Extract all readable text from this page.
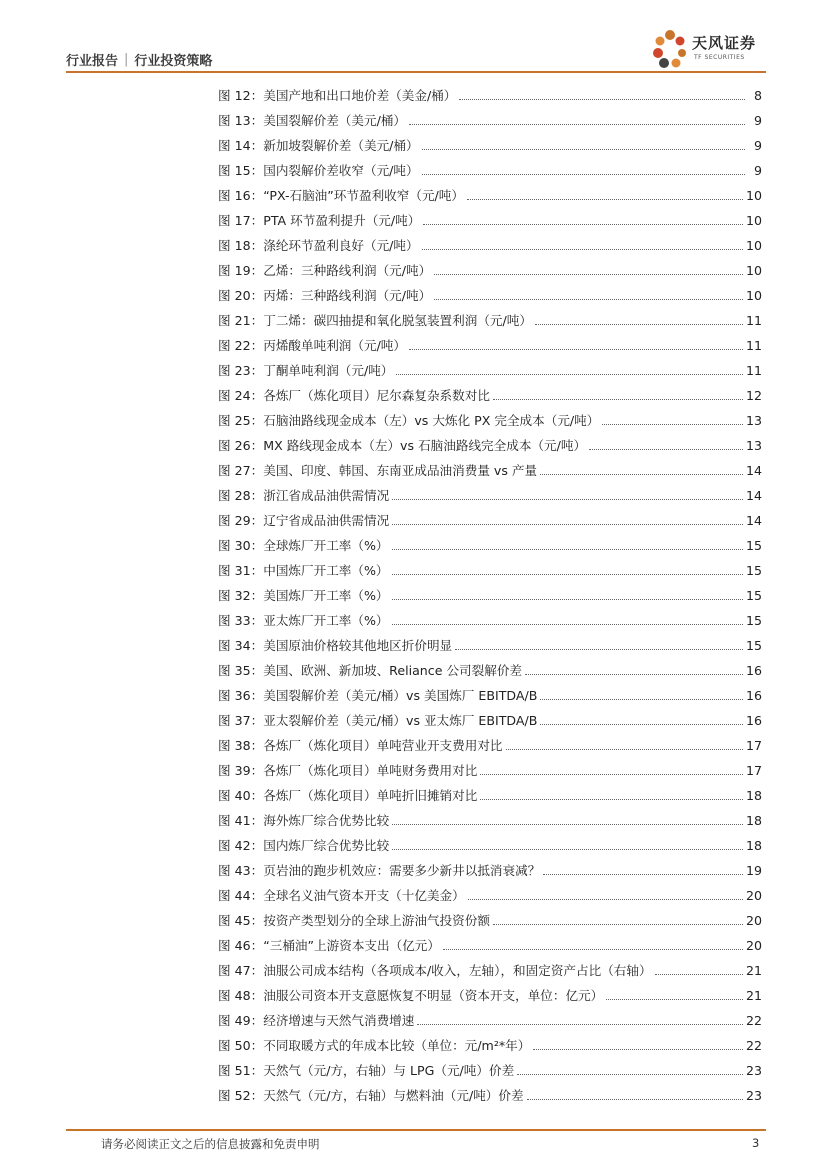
行业报告 | 行业投资策略
天风证券
TF SECURITIES
图 12： 美国产地和出口地价差（美金/桶）	8
图 13： 美国裂解价差（美元/桶）	9
图 14： 新加坡裂解价差（美元/桶）	9
图 15： 国内裂解价差收窄（元/吨）	9
图 16： “PX-石脑油”环节盈利收窄（元/吨）	10
图 17： PTA 环节盈利提升（元/吨）	10
图 18： 涤纶环节盈利良好（元/吨）	10
图 19： 乙烯：三种路线利润（元/吨）	10
图 20： 丙烯：三种路线利润（元/吨）	10
图 21： 丁二烯：碳四抽提和氧化脱氢装置利润（元/吨）	11
图 22： 丙烯酸单吨利润（元/吨）	11
图 23： 丁酮单吨利润（元/吨）	11
图 24： 各炼厂（炼化项目）尼尔森复杂系数对比	12
图 25： 石脑油路线现金成本（左）vs 大炼化 PX 完全成本（元/吨）	13
图 26： MX 路线现金成本（左）vs 石脑油路线完全成本（元/吨）	13
图 27： 美国、印度、韩国、东南亚成品油消费量 vs 产量	14
图 28： 浙江省成品油供需情况	14
图 29： 辽宁省成品油供需情况	14
图 30： 全球炼厂开工率（%）	15
图 31： 中国炼厂开工率（%）	15
图 32： 美国炼厂开工率（%）	15
图 33： 亚太炼厂开工率（%）	15
图 34： 美国原油价格较其他地区折价明显	15
图 35： 美国、欧洲、新加坡、Reliance 公司裂解价差	16
图 36： 美国裂解价差（美元/桶）vs 美国炼厂 EBITDA/B	16
图 37： 亚太裂解价差（美元/桶）vs 亚太炼厂 EBITDA/B	16
图 38： 各炼厂（炼化项目）单吨营业开支费用对比	17
图 39： 各炼厂（炼化项目）单吨财务费用对比	17
图 40： 各炼厂（炼化项目）单吨折旧摊销对比	18
图 41： 海外炼厂综合优势比较	18
图 42： 国内炼厂综合优势比较	18
图 43： 页岩油的跑步机效应：需要多少新井以抵消衰减？	19
图 44： 全球名义油气资本开支（十亿美金）	20
图 45： 按资产类型划分的全球上游油气投资份额	20
图 46： “三桶油”上游资本支出（亿元）	20
图 47： 油服公司成本结构（各项成本/收入，左轴），和固定资产占比（右轴）	21
图 48： 油服公司资本开支意愿恢复不明显（资本开支，单位：亿元）	21
图 49： 经济增速与天然气消费增速	22
图 50： 不同取暖方式的年成本比较（单位：元/m²*年）	22
图 51： 天然气（元/方，右轴）与 LPG（元/吨）价差	23
图 52： 天然气（元/方，右轴）与燃料油（元/吨）价差	23
请务必阅读正文之后的信息披露和免责申明	3
